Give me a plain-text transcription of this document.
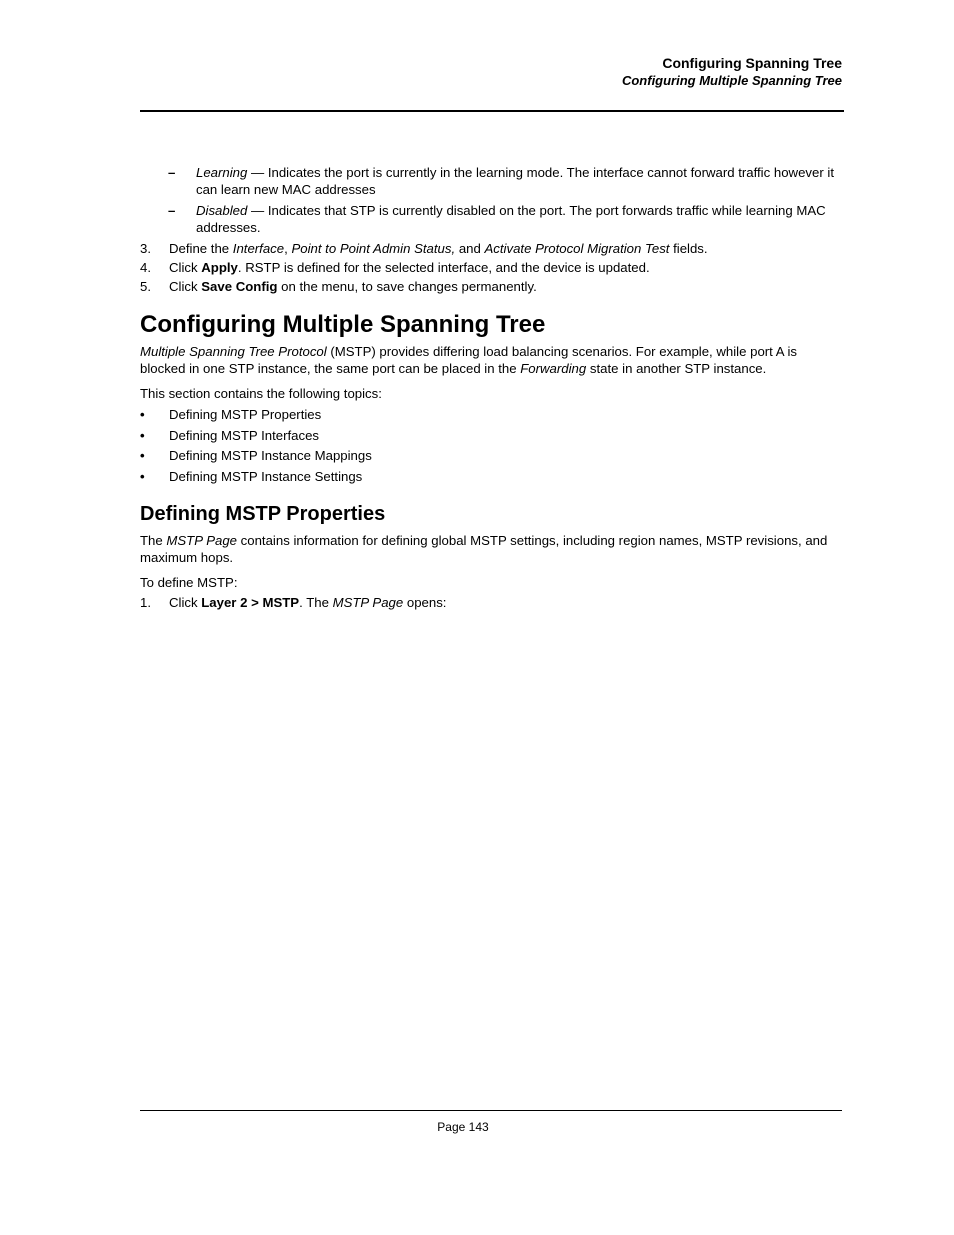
Configuring Spanning Tree
Configuring Multiple Spanning Tree
– Learning — Indicates the port is currently in the learning mode. The interface cannot forward traffic however it can learn new MAC addresses
– Disabled — Indicates that STP is currently disabled on the port. The port forwards traffic while learning MAC addresses.
3. Define the Interface, Point to Point Admin Status, and Activate Protocol Migration Test fields.
4. Click Apply. RSTP is defined for the selected interface, and the device is updated.
5. Click Save Config on the menu, to save changes permanently.
Configuring Multiple Spanning Tree

Multiple Spanning Tree Protocol (MSTP) provides differing load balancing scenarios. For example, while port A is blocked in one STP instance, the same port can be placed in the Forwarding state in another STP instance.

This section contains the following topics:
• Defining MSTP Properties
• Defining MSTP Interfaces
• Defining MSTP Instance Mappings
• Defining MSTP Instance Settings
Defining MSTP Properties

The MSTP Page contains information for defining global MSTP settings, including region names, MSTP revisions, and maximum hops.

To define MSTP:
1. Click Layer 2 > MSTP. The MSTP Page opens:
Page 143
